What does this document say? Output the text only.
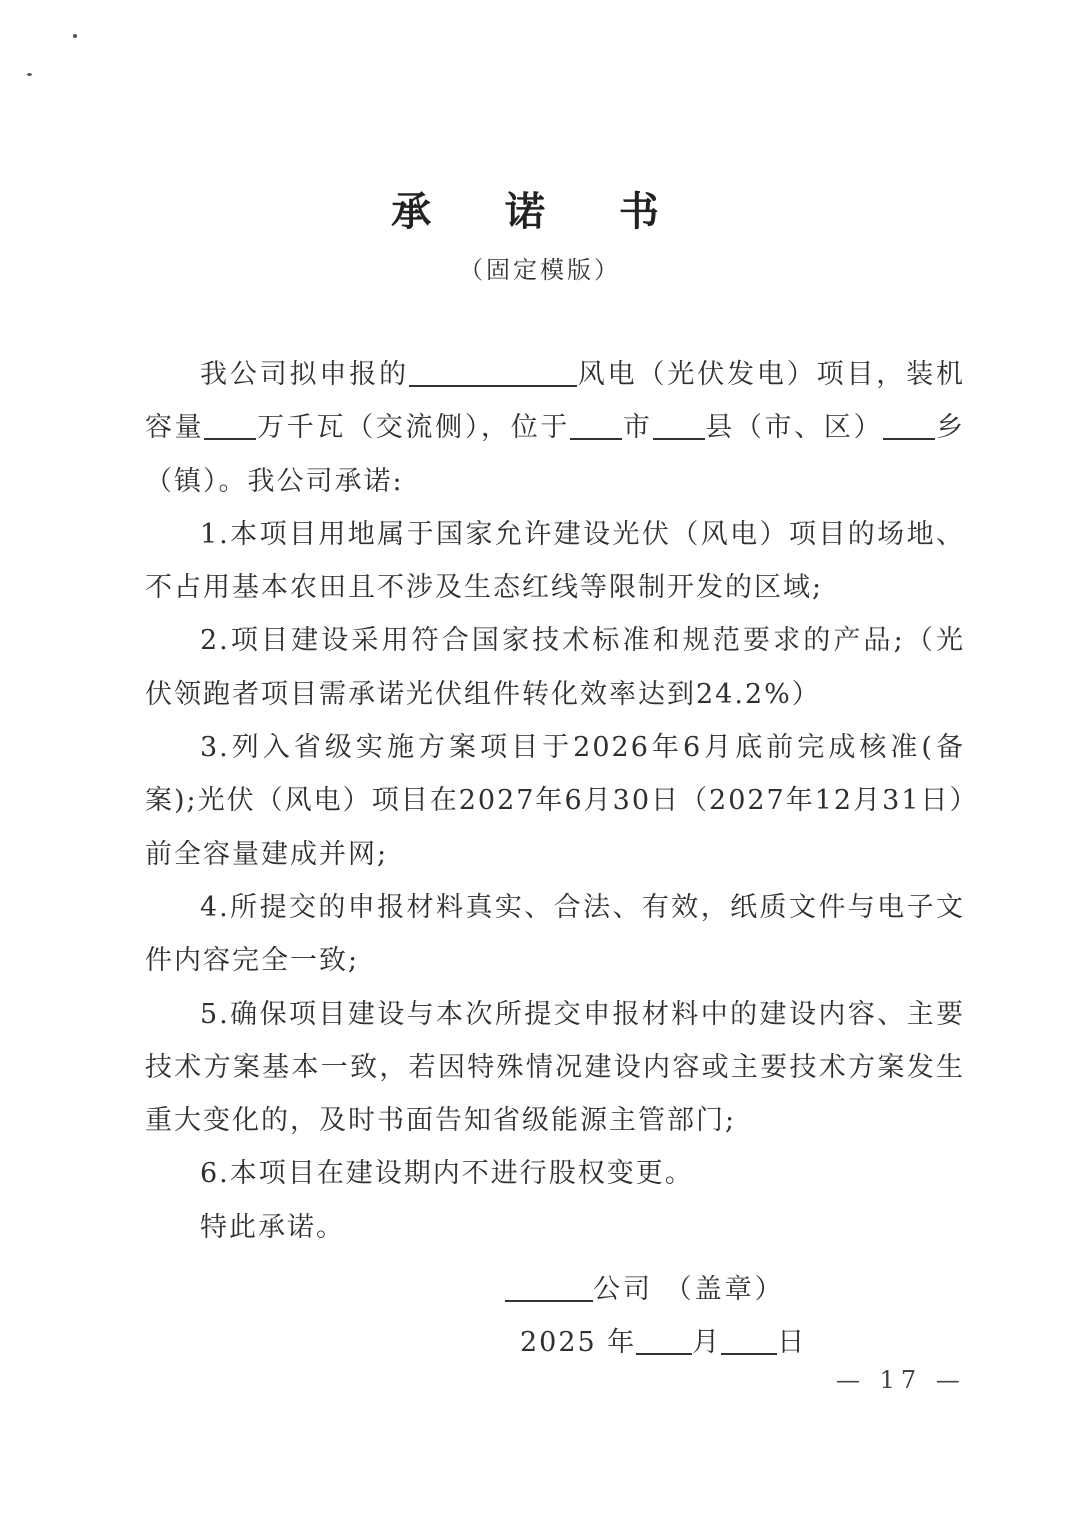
承 诺 书
（固定模版）

我公司拟申报的	风电（光伏发电）项目，装机容量 万千瓦（交流侧），位于 市 县（市、区） 乡（镇）。我公司承诺:

1.本项目用地属于国家允许建设光伏（风电）项目的场地、不占用基本农田且不涉及生态红线等限制开发的区域;

2.项目建设采用符合国家技术标准和规范要求的产品;（光伏领跑者项目需承诺光伏组件转化效率达到24.2%）

3.列入省级实施方案项目于2026年6月底前完成核准(备案);光伏（风电）项目在2027年6月30日（2027年12月31日）前全容量建成并网;

4.所提交的申报材料真实、合法、有效，纸质文件与电子文件内容完全一致;

5.确保项目建设与本次所提交申报材料中的建设内容、主要技术方案基本一致，若因特殊情况建设内容或主要技术方案发生重大变化的，及时书面告知省级能源主管部门;

6.本项目在建设期内不进行股权变更。

特此承诺。

公司 （盖章）
2025 年 月 日
— 17 —
